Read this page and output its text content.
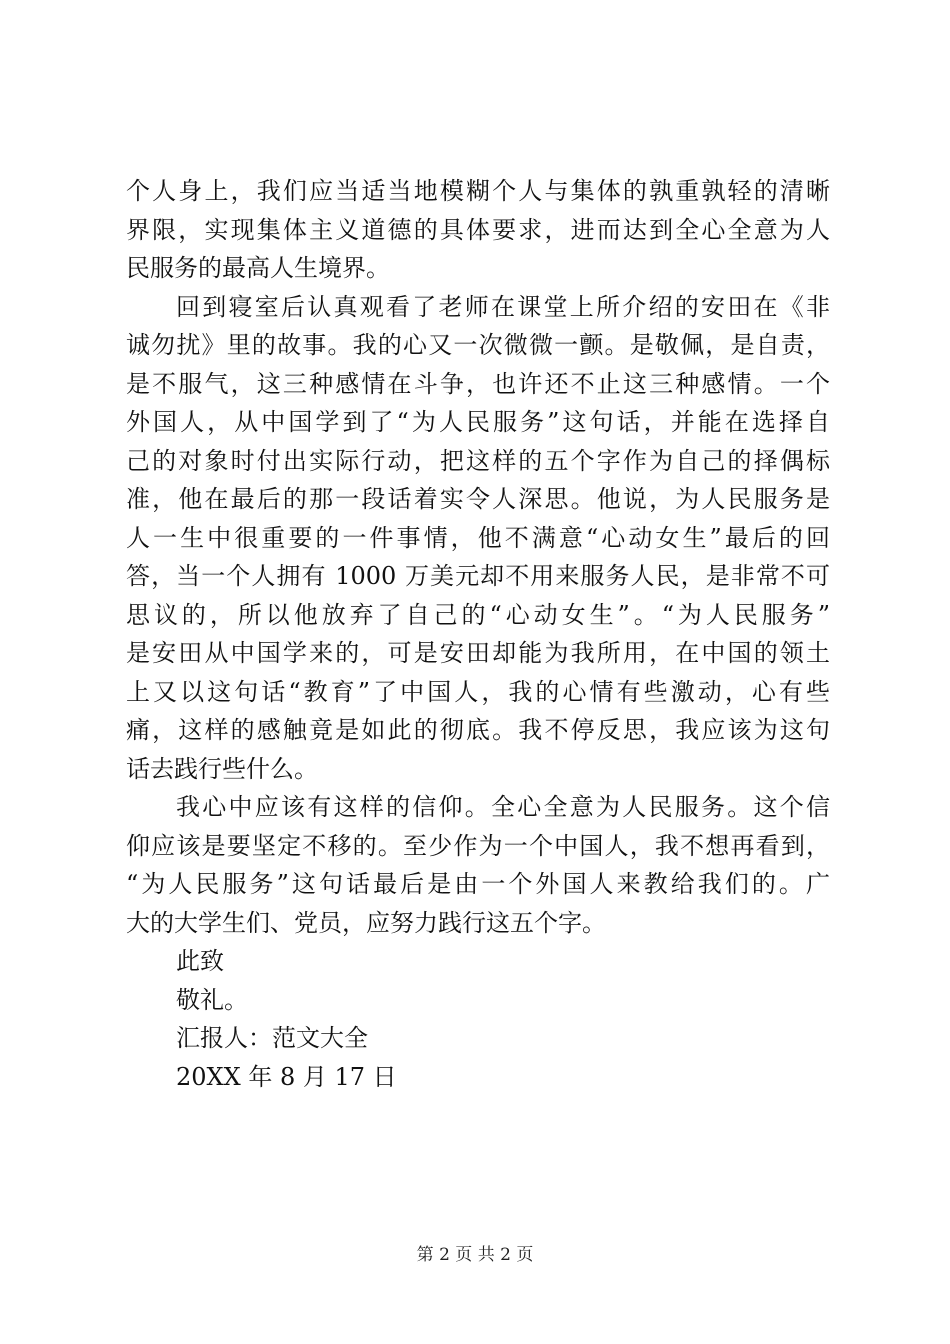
个人身上，我们应当适当地模糊个人与集体的孰重孰轻的清晰
界限，实现集体主义道德的具体要求，进而达到全心全意为人
民服务的最高人生境界。
回到寝室后认真观看了老师在课堂上所介绍的安田在《非
诚勿扰》里的故事。我的心又一次微微一颤。是敬佩，是自责，
是不服气，这三种感情在斗争，也许还不止这三种感情。一个
外国人，从中国学到了“为人民服务”这句话，并能在选择自
己的对象时付出实际行动，把这样的五个字作为自己的择偶标
准，他在最后的那一段话着实令人深思。他说，为人民服务是
人一生中很重要的一件事情，他不满意“心动女生”最后的回
答，当一个人拥有 1000 万美元却不用来服务人民，是非常不可
思议的，所以他放弃了自己的“心动女生”。“为人民服务”
是安田从中国学来的，可是安田却能为我所用，在中国的领土
上又以这句话“教育”了中国人，我的心情有些激动，心有些
痛，这样的感触竟是如此的彻底。我不停反思，我应该为这句
话去践行些什么。
我心中应该有这样的信仰。全心全意为人民服务。这个信
仰应该是要坚定不移的。至少作为一个中国人，我不想再看到，
“为人民服务”这句话最后是由一个外国人来教给我们的。广
大的大学生们、党员，应努力践行这五个字。
此致
敬礼。
汇报人：范文大全
20XX 年 8 月 17 日
第 2 页 共 2 页
